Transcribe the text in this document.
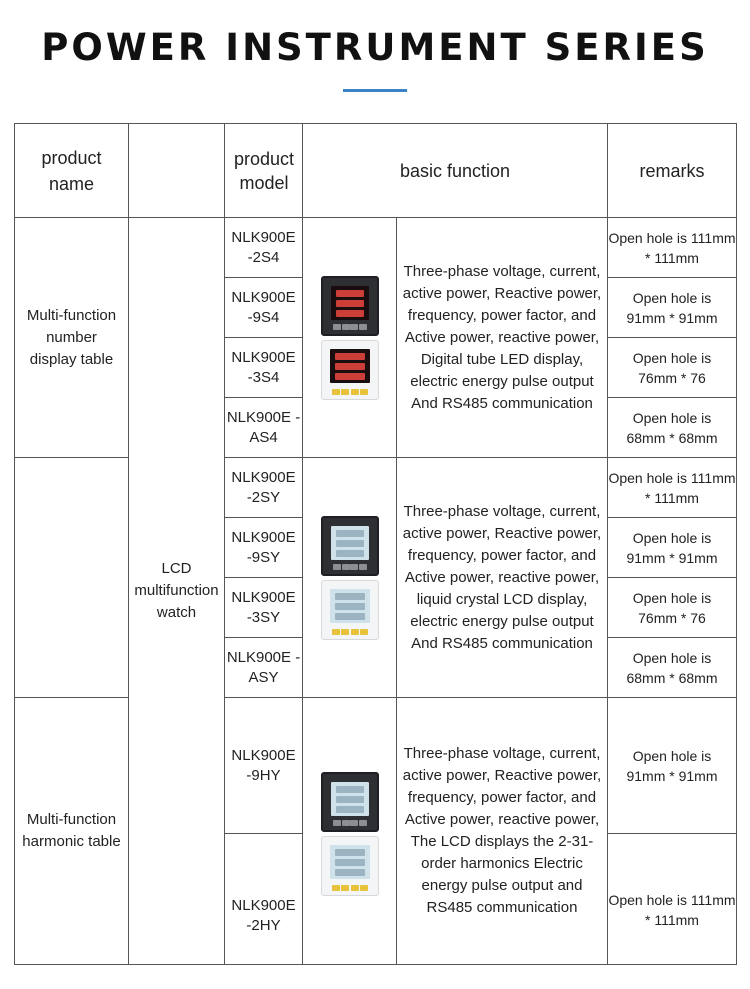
POWER INSTRUMENT SERIES
product name
product model
basic function	remarks
LCD multifunction watch
Multi-function number display table
Multi-function harmonic table
NLK900E -2S4
NLK900E -9S4
NLK900E -3S4
NLK900E -AS4
NLK900E -2SY
NLK900E -9SY
NLK900E -3SY
NLK900E -ASY
NLK900E -9HY
NLK900E -2HY
Three-phase voltage, current, active power, Reactive power, frequency, power factor, and Active power, reactive power, Digital tube LED display, electric energy pulse output And RS485 communication
Three-phase voltage, current, active power, Reactive power, frequency, power factor, and Active power, reactive power, liquid crystal LCD display, electric energy pulse output And RS485 communication
Three-phase voltage, current, active power, Reactive power, frequency, power factor, and Active power, reactive power, The LCD displays the 2-31-order harmonics Electric energy pulse output and RS485 communication
Open hole is 111mm * 111mm
Open hole is 91mm * 91mm
Open hole is 76mm * 76
Open hole is 68mm * 68mm
Open hole is 111mm * 111mm
Open hole is 91mm * 91mm
Open hole is 76mm * 76
Open hole is 68mm * 68mm
Open hole is 91mm * 91mm
Open hole is 111mm * 111mm
